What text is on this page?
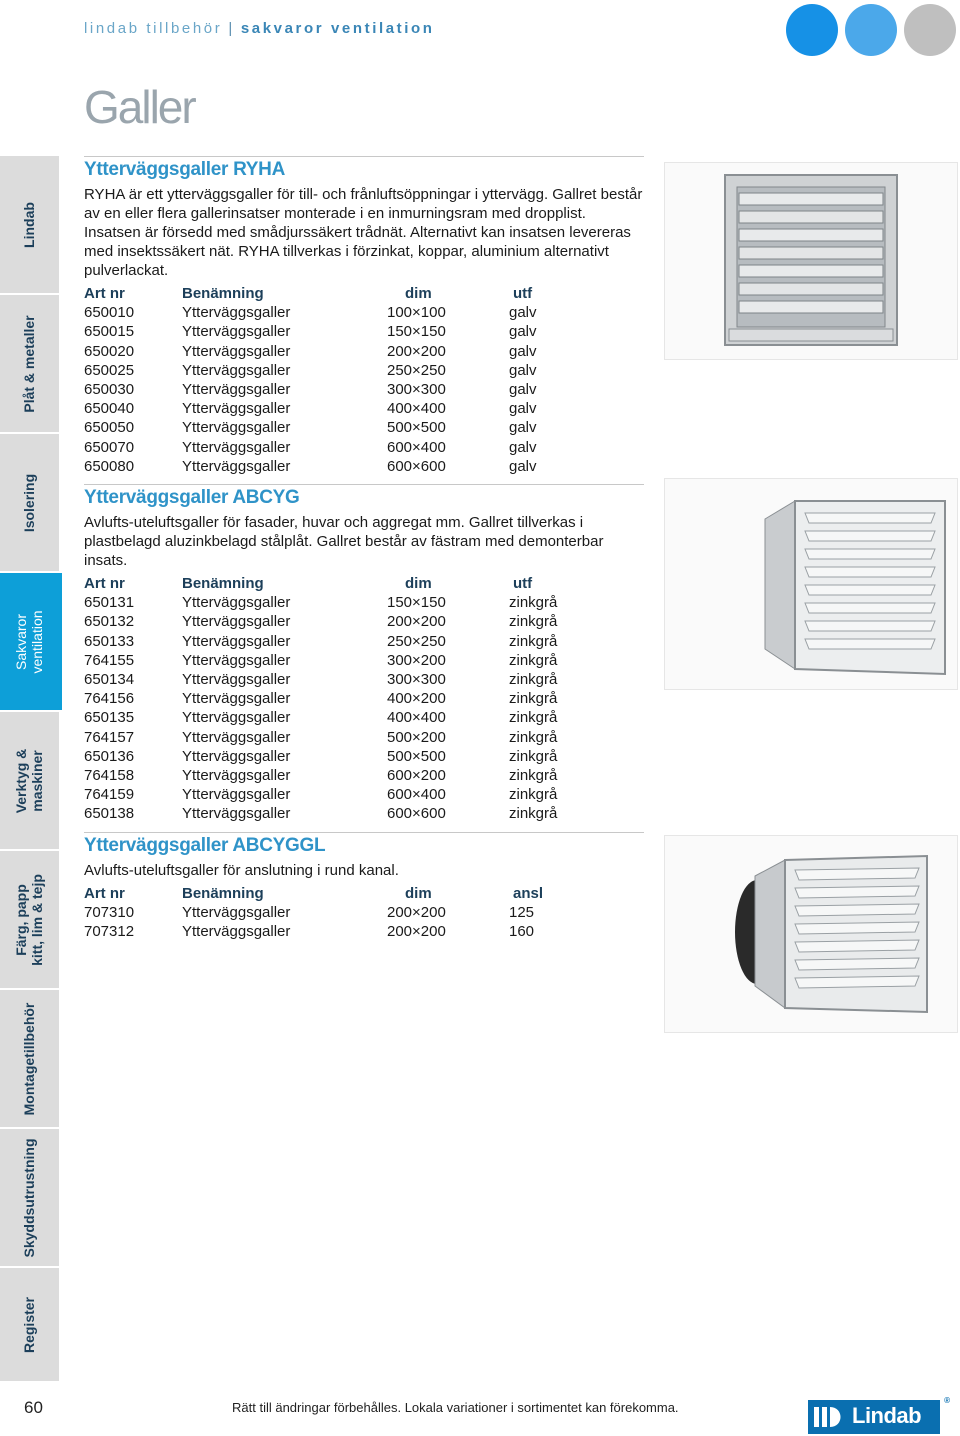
lindab tillbehör | sakvaror ventilation
Galler
Lindab
Plåt & metaller
Isolering
Sakvaror
ventilation
Verktyg &
maskiner
Färg, papp
kitt, lim & tejp
Montagetillbehör
Skyddsutrustning
Register
Ytterväggsgaller RYHA

RYHA är ett ytterväggsgaller för till- och frånluftsöppningar i yttervägg. Gallret består av en eller flera gallerinsatser monterade i en inmurningsram med dropplist. Insatsen är försedd med smådjurssäkert trådnät. Alternativt kan insatsen levereras med insektssäkert nät. RYHA tillverkas i förzinkat, koppar, aluminium alternativt pulverlackat.

Art nr	Benämning	dim	utf
650010	Ytterväggsgaller	100×100	galv
650015	Ytterväggsgaller	150×150	galv
650020	Ytterväggsgaller	200×200	galv
650025	Ytterväggsgaller	250×250	galv
650030	Ytterväggsgaller	300×300	galv
650040	Ytterväggsgaller	400×400	galv
650050	Ytterväggsgaller	500×500	galv
650070	Ytterväggsgaller	600×400	galv
650080	Ytterväggsgaller	600×600	galv
Ytterväggsgaller ABCYG

Avlufts-uteluftsgaller för fasader, huvar och aggregat mm. Gallret tillverkas i plastbelagd aluzinkbelagd stålplåt. Gallret består av fästram med demonterbar insats.

Art nr	Benämning	dim	utf
650131	Ytterväggsgaller	150×150	zinkgrå
650132	Ytterväggsgaller	200×200	zinkgrå
650133	Ytterväggsgaller	250×250	zinkgrå
764155	Ytterväggsgaller	300×200	zinkgrå
650134	Ytterväggsgaller	300×300	zinkgrå
764156	Ytterväggsgaller	400×200	zinkgrå
650135	Ytterväggsgaller	400×400	zinkgrå
764157	Ytterväggsgaller	500×200	zinkgrå
650136	Ytterväggsgaller	500×500	zinkgrå
764158	Ytterväggsgaller	600×200	zinkgrå
764159	Ytterväggsgaller	600×400	zinkgrå
650138	Ytterväggsgaller	600×600	zinkgrå
Ytterväggsgaller ABCYGGL

Avlufts-uteluftsgaller för anslutning i rund kanal.

Art nr	Benämning	dim	ansl
707310	Ytterväggsgaller	200×200	125
707312	Ytterväggsgaller	200×200	160
60	Rätt till ändringar förbehålles. Lokala variationer i sortimentet kan förekomma.	Lindab
®
